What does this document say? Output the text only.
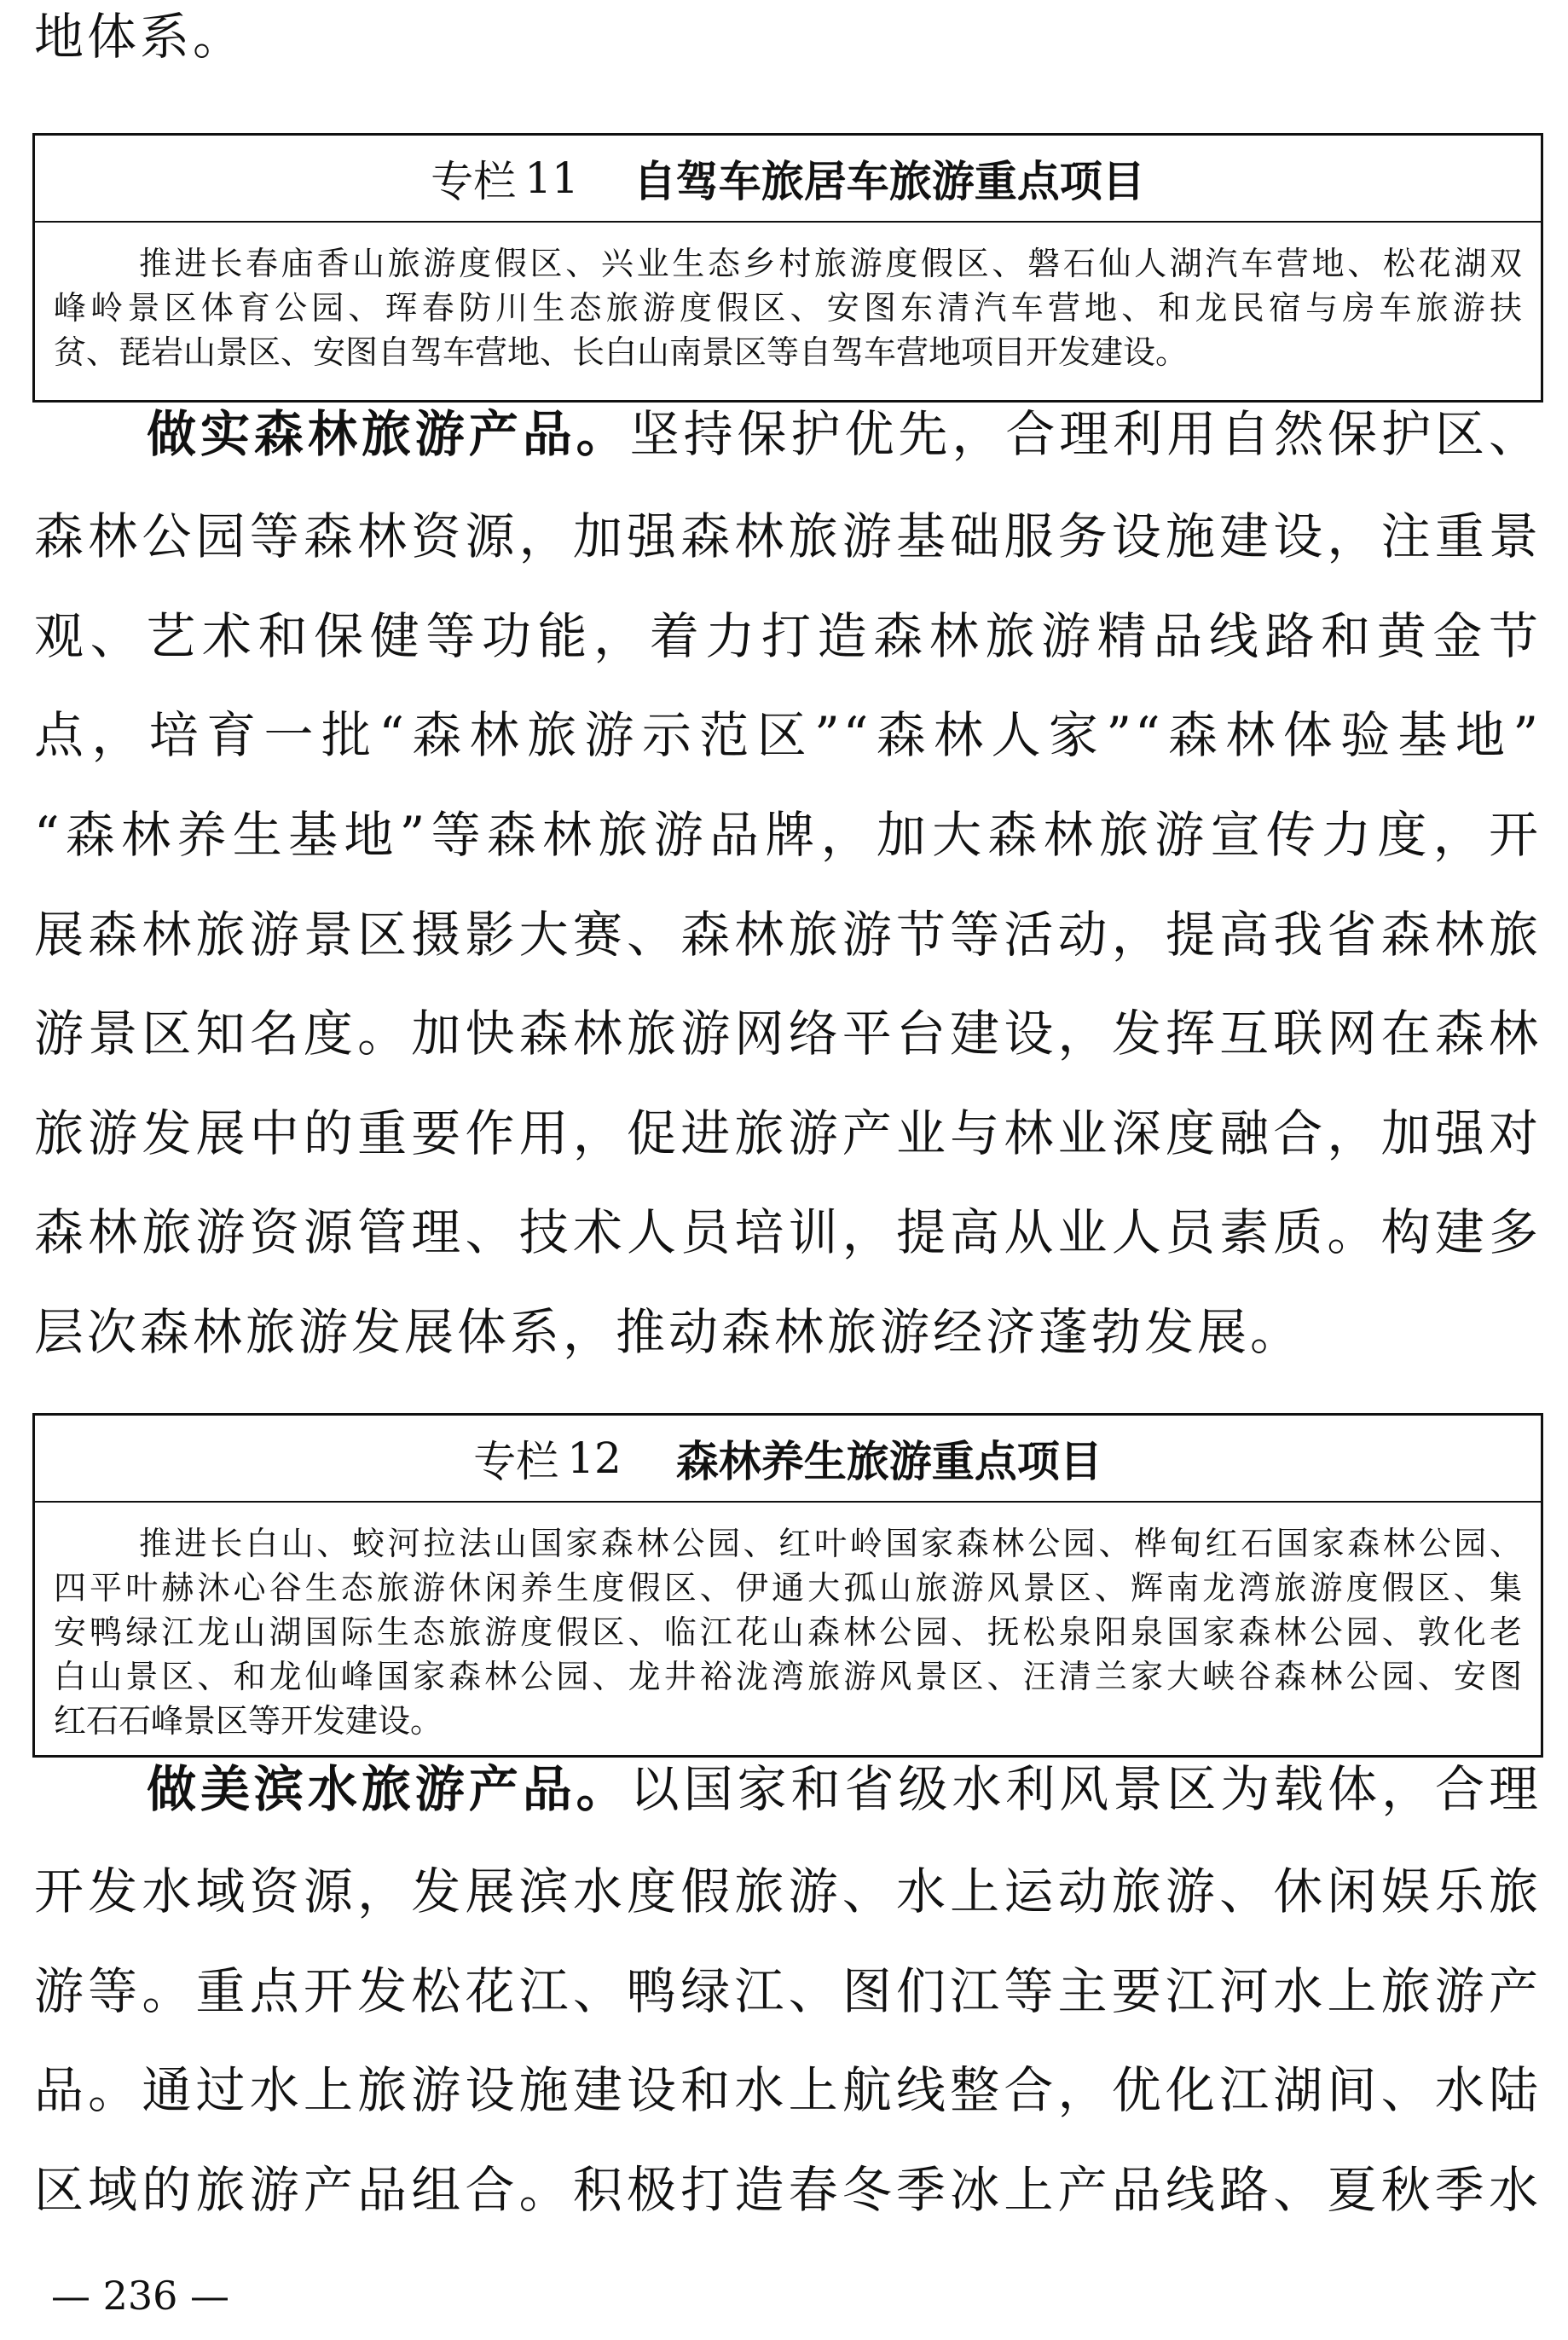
地体系。
专栏 11 自驾车旅居车旅游重点项目
推进长春庙香山旅游度假区、兴业生态乡村旅游度假区、磐石仙人湖汽车营地、松花湖双
峰岭景区体育公园、珲春防川生态旅游度假区、安图东清汽车营地、和龙民宿与房车旅游扶
贫、琵岩山景区、安图自驾车营地、长白山南景区等自驾车营地项目开发建设。
做实森林旅游产品。坚持保护优先，合理利用自然保护区、
森林公园等森林资源，加强森林旅游基础服务设施建设，注重景
观、艺术和保健等功能，着力打造森林旅游精品线路和黄金节
点，培育一批“森林旅游示范区”“森林人家”“森林体验基地”
“森林养生基地”等森林旅游品牌，加大森林旅游宣传力度，开
展森林旅游景区摄影大赛、森林旅游节等活动，提高我省森林旅
游景区知名度。加快森林旅游网络平台建设，发挥互联网在森林
旅游发展中的重要作用，促进旅游产业与林业深度融合，加强对
森林旅游资源管理、技术人员培训，提高从业人员素质。构建多
层次森林旅游发展体系，推动森林旅游经济蓬勃发展。
专栏 12 森林养生旅游重点项目
推进长白山、蛟河拉法山国家森林公园、红叶岭国家森林公园、桦甸红石国家森林公园、
四平叶赫沐心谷生态旅游休闲养生度假区、伊通大孤山旅游风景区、辉南龙湾旅游度假区、集
安鸭绿江龙山湖国际生态旅游度假区、临江花山森林公园、抚松泉阳泉国家森林公园、敦化老
白山景区、和龙仙峰国家森林公园、龙井裕泷湾旅游风景区、汪清兰家大峡谷森林公园、安图
红石石峰景区等开发建设。
做美滨水旅游产品。以国家和省级水利风景区为载体，合理
开发水域资源，发展滨水度假旅游、水上运动旅游、休闲娱乐旅
游等。重点开发松花江、鸭绿江、图们江等主要江河水上旅游产
品。通过水上旅游设施建设和水上航线整合，优化江湖间、水陆
区域的旅游产品组合。积极打造春冬季冰上产品线路、夏秋季水
— 236 —
